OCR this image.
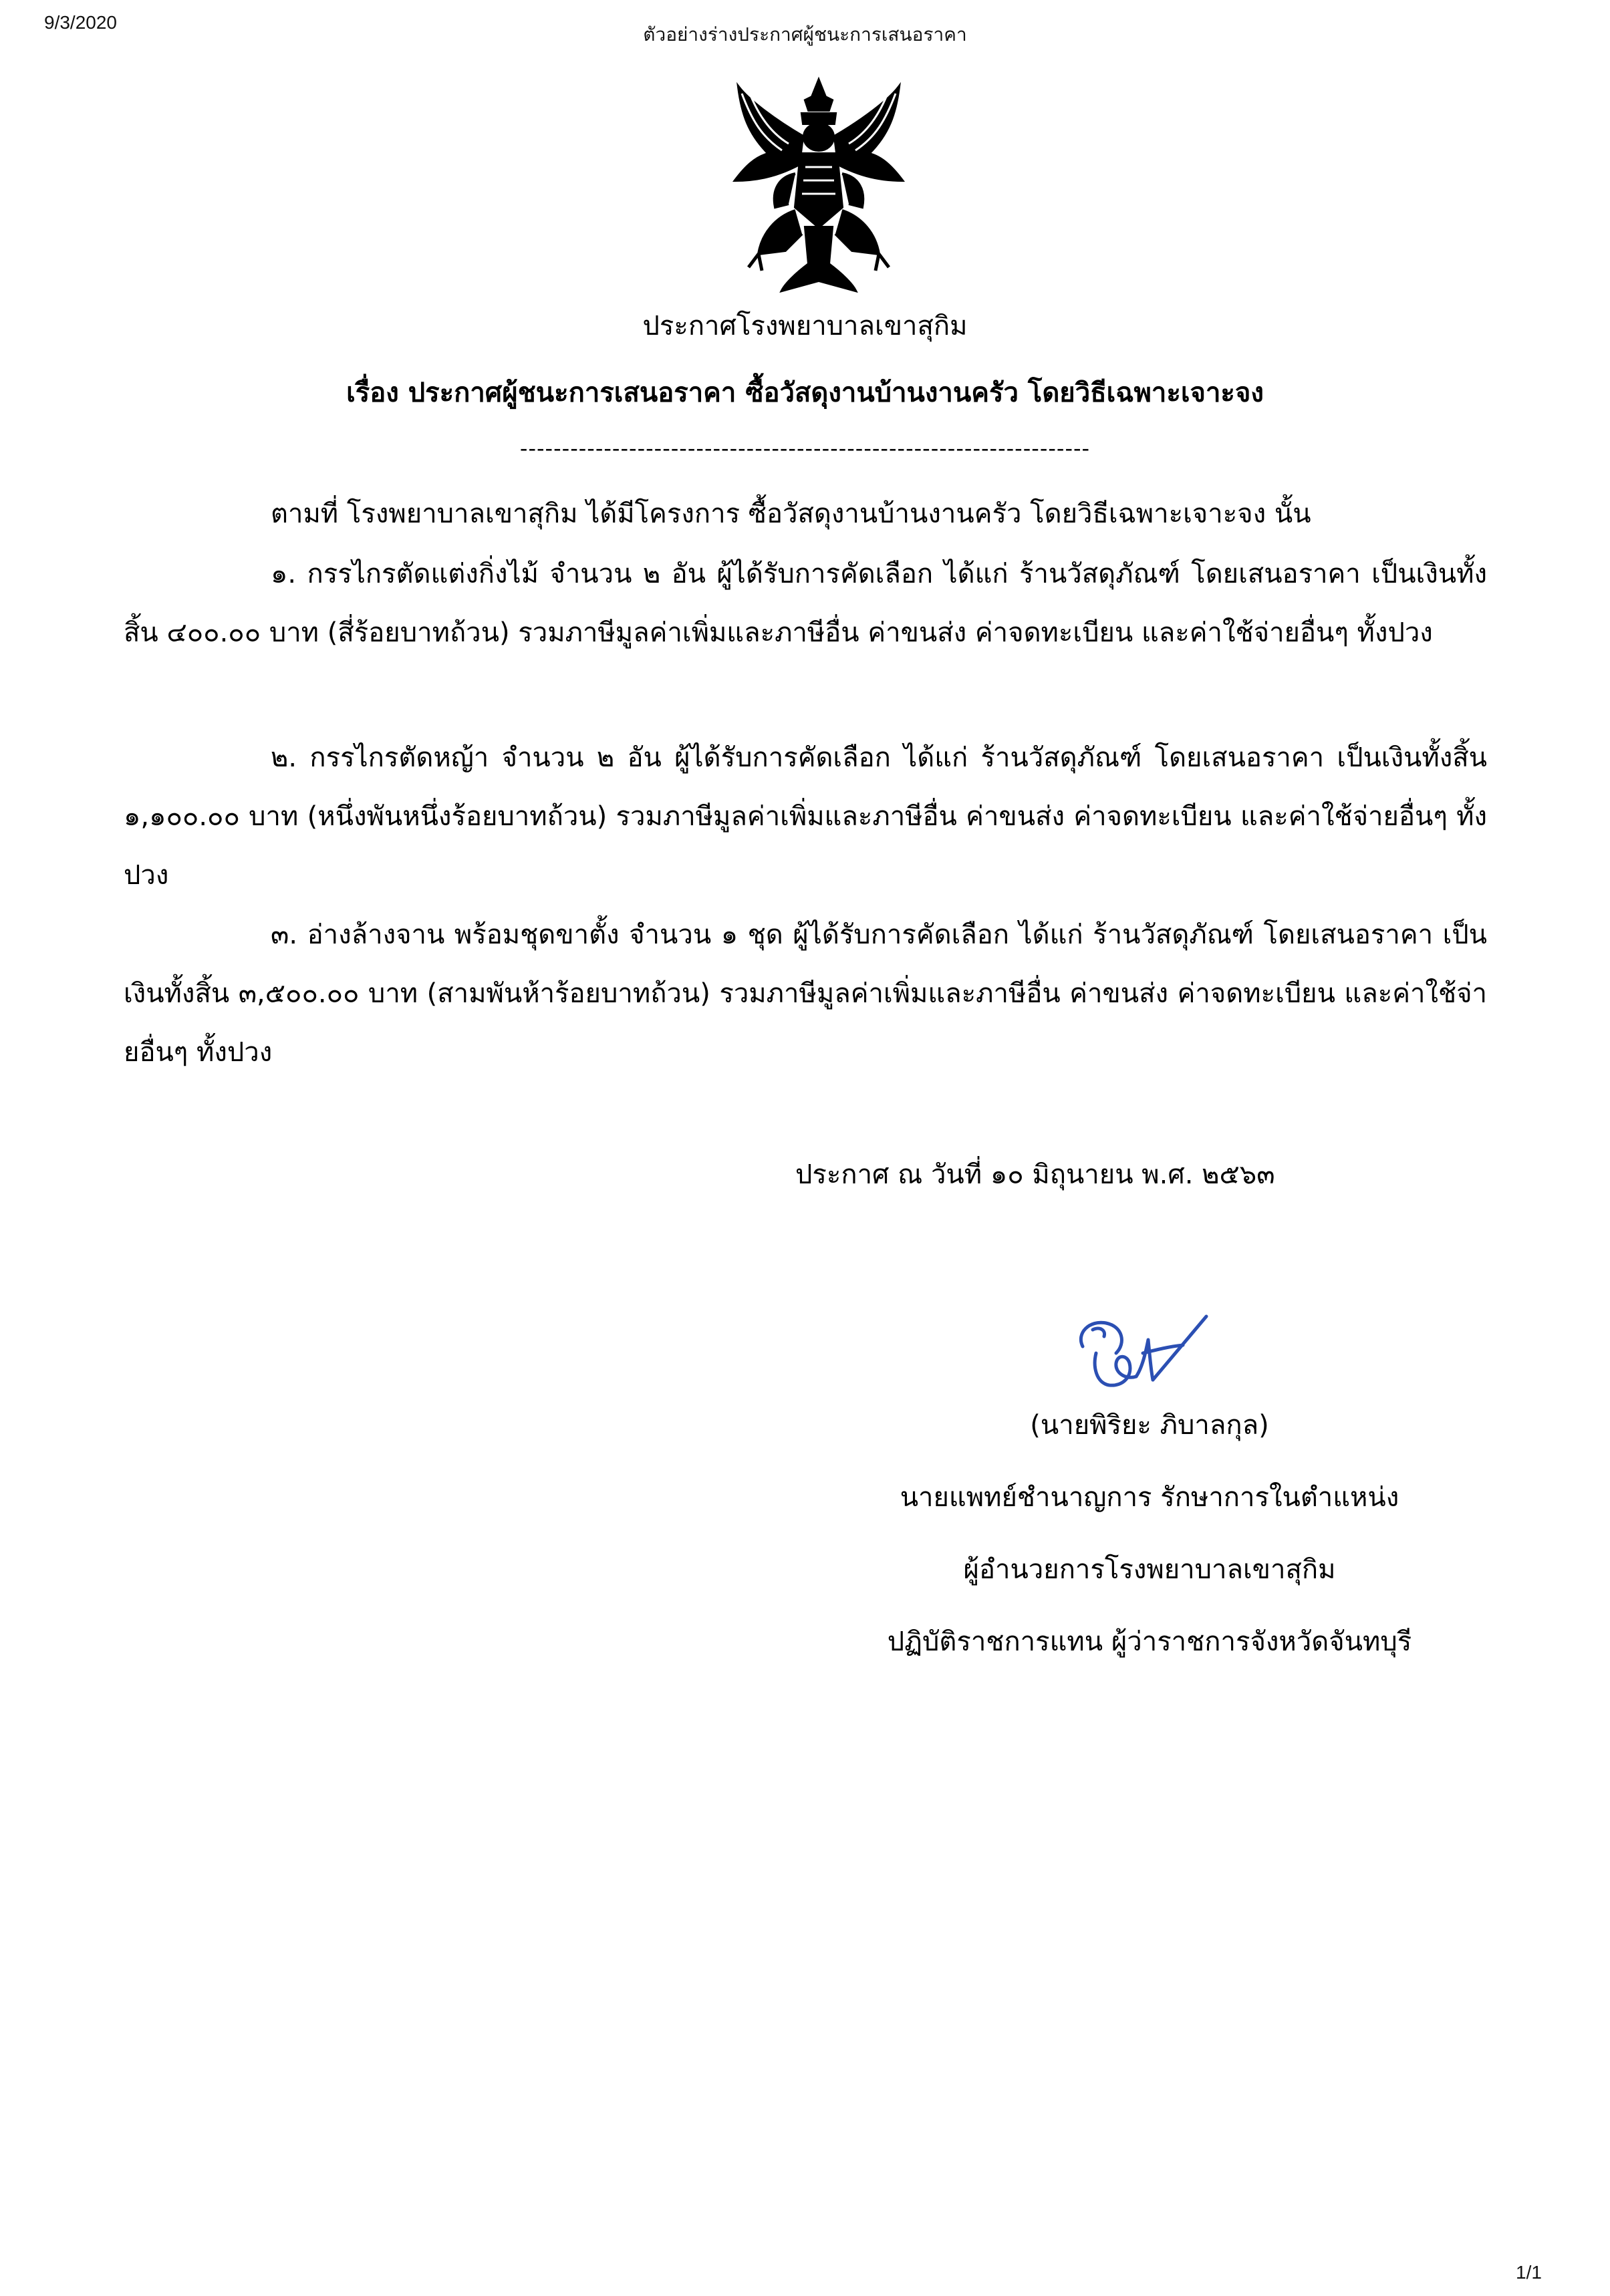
9/3/2020
ตัวอย่างร่างประกาศผู้ชนะการเสนอราคา
ประกาศโรงพยาบาลเขาสุกิม
เรื่อง ประกาศผู้ชนะการเสนอราคา ซื้อวัสดุงานบ้านงานครัว โดยวิธีเฉพาะเจาะจง
--------------------------------------------------------------------
ตามที่ โรงพยาบาลเขาสุกิม ได้มีโครงการ ซื้อวัสดุงานบ้านงานครัว โดยวิธีเฉพาะเจาะจง นั้น
๑. กรรไกรตัดแต่งกิ่งไม้ จำนวน ๒ อัน ผู้ได้รับการคัดเลือก ได้แก่ ร้านวัสดุภัณฑ์ โดยเสนอราคา เป็นเงินทั้งสิ้น ๔๐๐.๐๐ บาท (สี่ร้อยบาทถ้วน) รวมภาษีมูลค่าเพิ่มและภาษีอื่น ค่าขนส่ง ค่าจดทะเบียน และค่าใช้จ่ายอื่นๆ ทั้งปวง
๒. กรรไกรตัดหญ้า จำนวน ๒ อัน ผู้ได้รับการคัดเลือก ได้แก่ ร้านวัสดุภัณฑ์ โดยเสนอราคา เป็นเงินทั้งสิ้น ๑,๑๐๐.๐๐ บาท (หนึ่งพันหนึ่งร้อยบาทถ้วน) รวมภาษีมูลค่าเพิ่มและภาษีอื่น ค่าขนส่ง ค่าจดทะเบียน และค่าใช้จ่ายอื่นๆ ทั้งปวง
๓. อ่างล้างจาน พร้อมชุดขาตั้ง จำนวน ๑ ชุด ผู้ได้รับการคัดเลือก ได้แก่ ร้านวัสดุภัณฑ์ โดยเสนอราคา เป็นเงินทั้งสิ้น ๓,๕๐๐.๐๐ บาท (สามพันห้าร้อยบาทถ้วน) รวมภาษีมูลค่าเพิ่มและภาษีอื่น ค่าขนส่ง ค่าจดทะเบียน และค่าใช้จ่ายอื่นๆ ทั้งปวง
ประกาศ ณ วันที่ ๑๐ มิถุนายน พ.ศ. ๒๕๖๓
(นายพิริยะ ภิบาลกุล)
นายแพทย์ชำนาญการ รักษาการในตำแหน่ง
ผู้อำนวยการโรงพยาบาลเขาสุกิม
ปฏิบัติราชการแทน ผู้ว่าราชการจังหวัดจันทบุรี
1/1
